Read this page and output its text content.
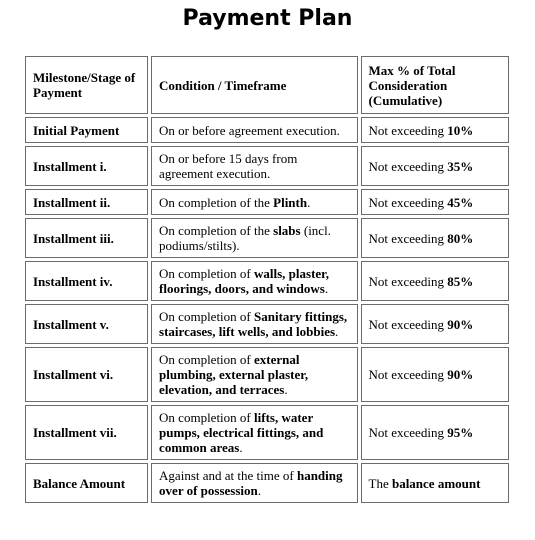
Payment Plan
Milestone/Stage of Payment	Condition / Timeframe	Max % of Total Consideration (Cumulative)
Initial Payment	On or before agreement execution.	Not exceeding 10%
Installment i.	On or before 15 days from agreement execution.	Not exceeding 35%
Installment ii.	On completion of the Plinth.	Not exceeding 45%
Installment iii.	On completion of the slabs (incl. podiums/stilts).	Not exceeding 80%
Installment iv.	On completion of walls, plaster, floorings, doors, and windows.	Not exceeding 85%
Installment v.	On completion of Sanitary fittings, staircases, lift wells, and lobbies.	Not exceeding 90%
Installment vi.	On completion of external plumbing, external plaster, elevation, and terraces.	Not exceeding 90%
Installment vii.	On completion of lifts, water pumps, electrical fittings, and common areas.	Not exceeding 95%
Balance Amount	Against and at the time of handing over of possession.	The balance amount
